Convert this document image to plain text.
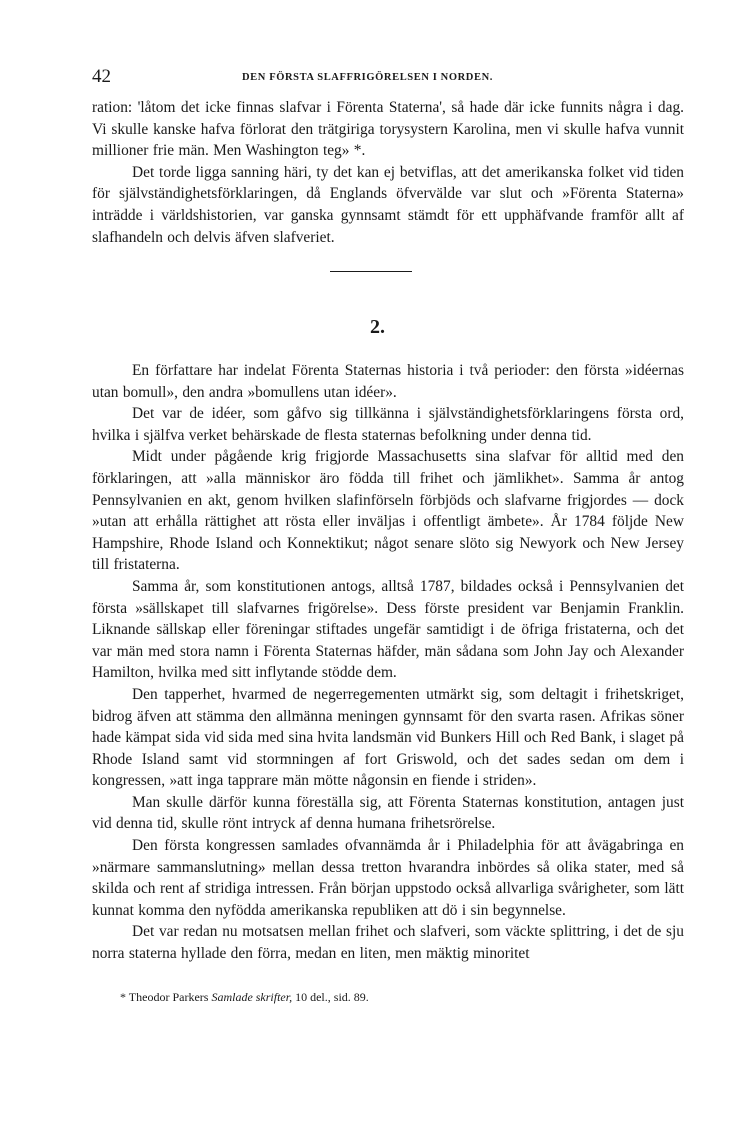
42	DEN FÖRSTA SLAFFRIGÖRELSEN I NORDEN.

ration: 'låtom det icke finnas slafvar i Förenta Staterna', så hade där icke funnits några i dag. Vi skulle kanske hafva förlorat den trätgiriga torysystern Karolina, men vi skulle hafva vunnit millioner frie män. Men Washington teg» *.

Det torde ligga sanning häri, ty det kan ej betviflas, att det amerikanska folket vid tiden för självständighetsförklaringen, då Englands öfvervälde var slut och »Förenta Staterna» inträdde i världshistorien, var ganska gynnsamt stämdt för ett upphäfvande framför allt af slafhandeln och delvis äfven slafveriet.

2.

En författare har indelat Förenta Staternas historia i två perioder: den första »idéernas utan bomull», den andra »bomullens utan idéer».

Det var de idéer, som gåfvo sig tillkänna i självständighetsförklaringens första ord, hvilka i själfva verket behärskade de flesta staternas befolkning under denna tid.

Midt under pågående krig frigjorde Massachusetts sina slafvar för alltid med den förklaringen, att »alla människor äro födda till frihet och jämlikhet». Samma år antog Pennsylvanien en akt, genom hvilken slafinförseln förbjöds och slafvarne frigjordes — dock »utan att erhålla rättighet att rösta eller inväljas i offentligt ämbete». År 1784 följde New Hampshire, Rhode Island och Konnektikut; något senare slöto sig Newyork och New Jersey till fristaterna.

Samma år, som konstitutionen antogs, alltså 1787, bildades också i Pennsylvanien det första »sällskapet till slafvarnes frigörelse». Dess förste president var Benjamin Franklin. Liknande sällskap eller föreningar stiftades ungefär samtidigt i de öfriga fristaterna, och det var män med stora namn i Förenta Staternas häfder, män sådana som John Jay och Alexander Hamilton, hvilka med sitt inflytande stödde dem.

Den tapperhet, hvarmed de negerregementen utmärkt sig, som deltagit i frihetskriget, bidrog äfven att stämma den allmänna meningen gynnsamt för den svarta rasen. Afrikas söner hade kämpat sida vid sida med sina hvita landsmän vid Bunkers Hill och Red Bank, i slaget på Rhode Island samt vid stormningen af fort Griswold, och det sades sedan om dem i kongressen, »att inga tapprare män mötte någonsin en fiende i striden».

Man skulle därför kunna föreställa sig, att Förenta Staternas konstitution, antagen just vid denna tid, skulle rönt intryck af denna humana frihetsrörelse.

Den första kongressen samlades ofvannämda år i Philadelphia för att åvägabringa en »närmare sammanslutning» mellan dessa tretton hvarandra inbördes så olika stater, med så skilda och rent af stridiga intressen. Från början uppstodo också allvarliga svårigheter, som lätt kunnat komma den nyfödda amerikanska republiken att dö i sin begynnelse.

Det var redan nu motsatsen mellan frihet och slafveri, som väckte splittring, i det de sju norra staterna hyllade den förra, medan en liten, men mäktig minoritet

* Theodor Parkers Samlade skrifter, 10 del., sid. 89.
